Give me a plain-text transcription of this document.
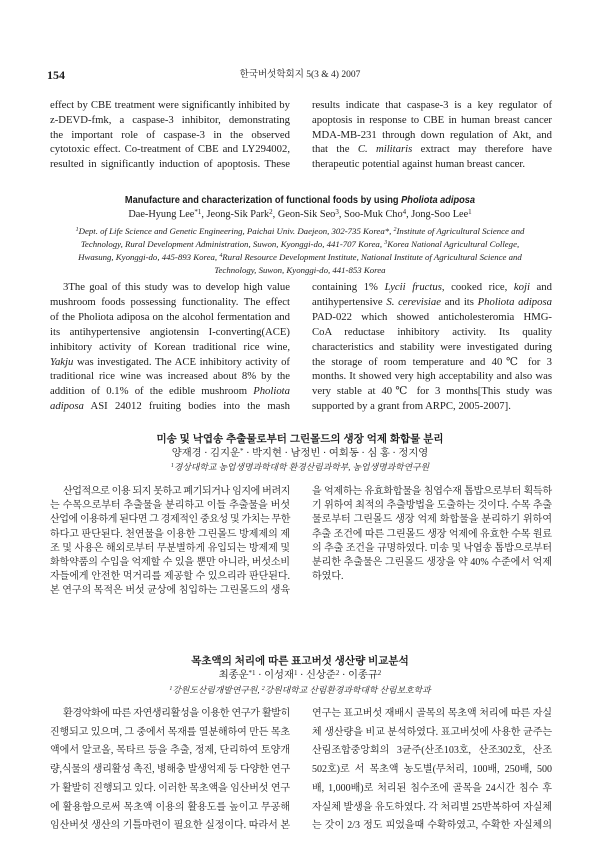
154	한국버섯학회지 5(3 & 4) 2007
effect by CBE treatment were significantly inhibited by
z-DEVD-fmk, a caspase-3 inhibitor, demonstrating
the important role of caspase-3 in the observed
cytotoxic effect. Co-treatment of CBE and LY294002,
resulted in significantly induction of apoptosis. These
results indicate that caspase-3 is a key regulator of
apoptosis in response to CBE in human breast cancer
MDA-MB-231 through down regulation of Akt, and
that the C. militaris extract may therefore have
therapeutic potential against human breast cancer.
Manufacture and characterization of functional foods by using Pholiota adiposa
Dae-Hyung Lee$^{*1}$, Jeong-Sik Park$^2$, Geon-Sik Seo$^3$, Soo-Muk Cho$^4$, Jong-Soo Lee$^1$
$^1$Dept. of Life Science and Genetic Engineering, Paichai Univ. Daejeon, 302-735 Korea*, $^2$Institute of Agricultural Science and
Technology, Rural Development Administration, Suwon, Kyonggi-do, 441-707 Korea, $^3$Korea National Agricultural College,
Hwasung, Kyonggi-do, 445-893 Korea, $^4$Rural Resource Development Institute, National Institute of Agricultural Science and
Technology, Suwon, Kyonggi-do, 441-853 Korea
3The goal of this study was to develop high value
mushroom foods possessing functionality. The effect
of the Pholiota adiposa on the alcohol fermentation and
its antihypertensive angiotensin I-converting(ACE)
inhibitory activity of Korean traditional rice wine,
Yakju was investigated. The ACE inhibitory activity of
traditional rice wine was increased about 8% by the
addition of 0.1% of the edible mushroom Pholiota
adiposa ASI 24012 fruiting bodies into the mash
containing 1% Lycii fructus, cooked rice, koji and
antihypertensive S. cerevisiae and its Pholiota adiposa
PAD-022 which showed anticholesteromia HMG-
CoA reductase inhibitory activity. Its quality
characteristics and stability were investigated during
the storage of room temperature and 40℃ for 3
months. It showed very high acceptability and also was
very stable at 40℃ for 3 months[This study was
supported by a grant from ARPC, 2005-2007].
미송 및 낙엽송 추출물로부터 그린몰드의 생장 억제 화합물 분리
양재경 · 김지운* · 박지현 · 남정빈 · 여회동 · 심 홍 · 정지영
$^1$경상대학교 농업생명과학대학 환경산림과학부, 농업생명과학연구원
산업적으로 이용 되지 못하고 폐기되거나 임지에 버려지
는 수목으로부터 추출물을 분리하고 이들 추출물을 버섯
산업에 이용하게 된다면 그 경제적인 중요성 및 가치는 무한
하다고 판단된다. 천연물을 이용한 그린몰드 방제제의 제
조 및 사용은 해외로부터 무분별하게 유입되는 방제제 및
화학약품의 수입을 억제할 수 있을 뿐만 아니라, 버섯소비
자들에게 안전한 먹거리를 제공할 수 있으리라 판단된다.
본 연구의 목적은 버섯 균상에 침입하는 그린몰드의 생육
을 억제하는 유효화합물을 침엽수재 톱밥으로부터 획득하
기 위하여 최적의 추출방법을 도출하는 것이다. 수목 추출
물로부터 그린몰드 생장 억제 화합물을 분리하기 위하여
추출 조건에 따른 그린몰드 생장 억제에 유효한 수목 원료
의 추출 조건을 규명하였다. 미송 및 낙엽송 톱밥으로부터
분리한 추출물은 그린몰드 생장을 약 40% 수준에서 억제
하였다.
목초액의 처리에 따른 표고버섯 생산량 비교분석
최종운$^{*1}$ · 이성재$^1$ · 신상준$^2$ · 이종규$^2$
$^1$강원도산림개발연구원, $^2$강원대학교 산림환경과학대학 산림보호학과
환경악화에 따른 자연생리활성을 이용한 연구가 활발히
진행되고 있으며, 그 중에서 목재를 열분해하여 만든 목초
액에서 알코올, 목타르 등을 추출, 정제, 단리하여 토양개
량,식물의 생리활성 촉진, 병해충 발생억제 등 다양한 연구
가 활발히 진행되고 있다. 이러한 목초액을 임산버섯 연구
에 활용함으로써 목초액 이용의 활용도를 높이고 무공해
임산버섯 생산의 기틀마련이 필요한 실정이다. 따라서 본
연구는 표고버섯 재배시 골목의 목초액 처리에 따른 자실
체 생산량을 비교 분석하였다. 표고버섯에 사용한 균주는
산림조합중앙회의 3균주(산조103호, 산조302호, 산조
502호)로 서 목초액 농도별(무처리, 100배, 250배, 500
배, 1,000배)로 처리된 침수조에 골목을 24시간 침수 후
자실체 발생을 유도하였다. 각 처리별 25반복하여 자실체
는 갓이 2/3 정도 피었을때 수확하였고, 수확한 자실체의
